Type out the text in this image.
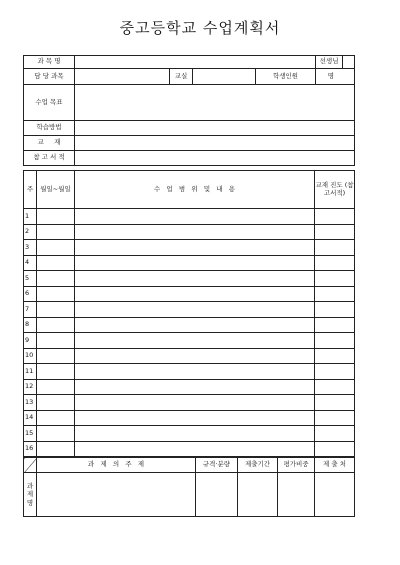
중고등학교 수업계획서
과 목 명					선생님	
담 당 과목		교실		학생인원	명	
수업 목표						
학습방법						
교     재						
참 고 서 적						
주	월일~월일	수   업   범   위   및   내   용	교재 진도 (참고서적)
1			
2			
3			
4			
5			
6			
7			
8			
9			
10			
11			
12			
13			
14			
15			
16			
	과   제   의   주   제	규격·분량	제출기간	평가비중	제 출 처
과제명					
